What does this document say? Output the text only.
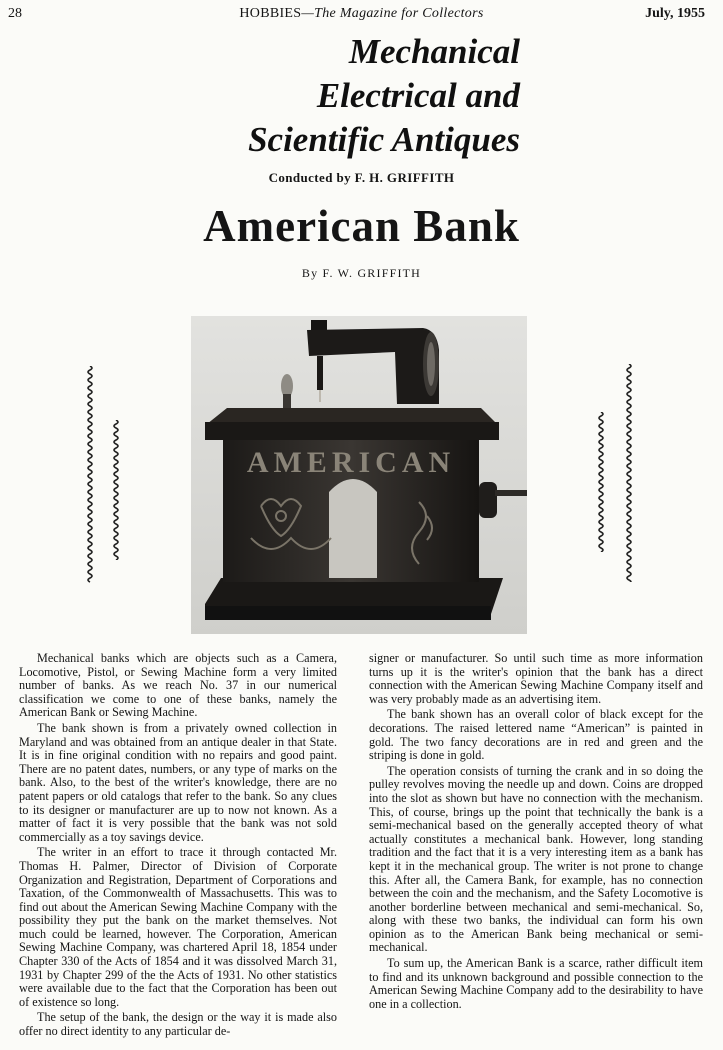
28	HOBBIES—The Magazine for Collectors	July, 1955
Mechanical
Electrical and
Scientific Antiques
Conducted by F. H. GRIFFITH
American Bank
By F. W. GRIFFITH
AMERICAN

Mechanical banks which are objects such as a Camera, Locomotive, Pistol, or Sewing Machine form a very limited number of banks. As we reach No. 37 in our numerical classification we come to one of these banks, namely the American Bank or Sewing Machine.

The bank shown is from a privately owned collection in Maryland and was obtained from an antique dealer in that State. It is in fine original condition with no repairs and good paint. There are no patent dates, numbers, or any type of marks on the bank. Also, to the best of the writer's knowledge, there are no patent papers or old catalogs that refer to the bank. So any clues to its designer or manufacturer are up to now not known. As a matter of fact it is very possible that the bank was not sold commercially as a toy savings device.

The writer in an effort to trace it through contacted Mr. Thomas H. Palmer, Director of Division of Corporate Organization and Registration, Department of Corporations and Taxation, of the Commonwealth of Massachusetts. This was to find out about the American Sewing Machine Company with the possibility they put the bank on the market themselves. Not much could be learned, however. The Corporation, American Sewing Machine Company, was chartered April 18, 1854 under Chapter 330 of the Acts of 1854 and it was dissolved March 31, 1931 by Chapter 299 of the the Acts of 1931. No other statistics were available due to the fact that the Corporation has been out of existence so long.

The setup of the bank, the design or the way it is made also offer no direct identity to any particular de-

signer or manufacturer. So until such time as more information turns up it is the writer's opinion that the bank has a direct connection with the American Sewing Machine Company itself and was very probably made as an advertising item.

The bank shown has an overall color of black except for the decorations. The raised lettered name “American” is painted in gold. The two fancy decorations are in red and green and the striping is done in gold.

The operation consists of turning the crank and in so doing the pulley revolves moving the needle up and down. Coins are dropped into the slot as shown but have no connection with the mechanism. This, of course, brings up the point that technically the bank is a semi-mechanical based on the generally accepted theory of what actually constitutes a mechanical bank. However, long standing tradition and the fact that it is a very interesting item as a bank has kept it in the mechanical group. The writer is not prone to change this. After all, the Camera Bank, for example, has no connection between the coin and the mechanism, and the Safety Locomotive is another borderline between mechanical and semi-mechanical. So, along with these two banks, the individual can form his own opinion as to the American Bank being mechanical or semi-mechanical.

To sum up, the American Bank is a scarce, rather difficult item to find and its unknown background and possible connection to the American Sewing Machine Company add to the desirability to have one in a collection.
